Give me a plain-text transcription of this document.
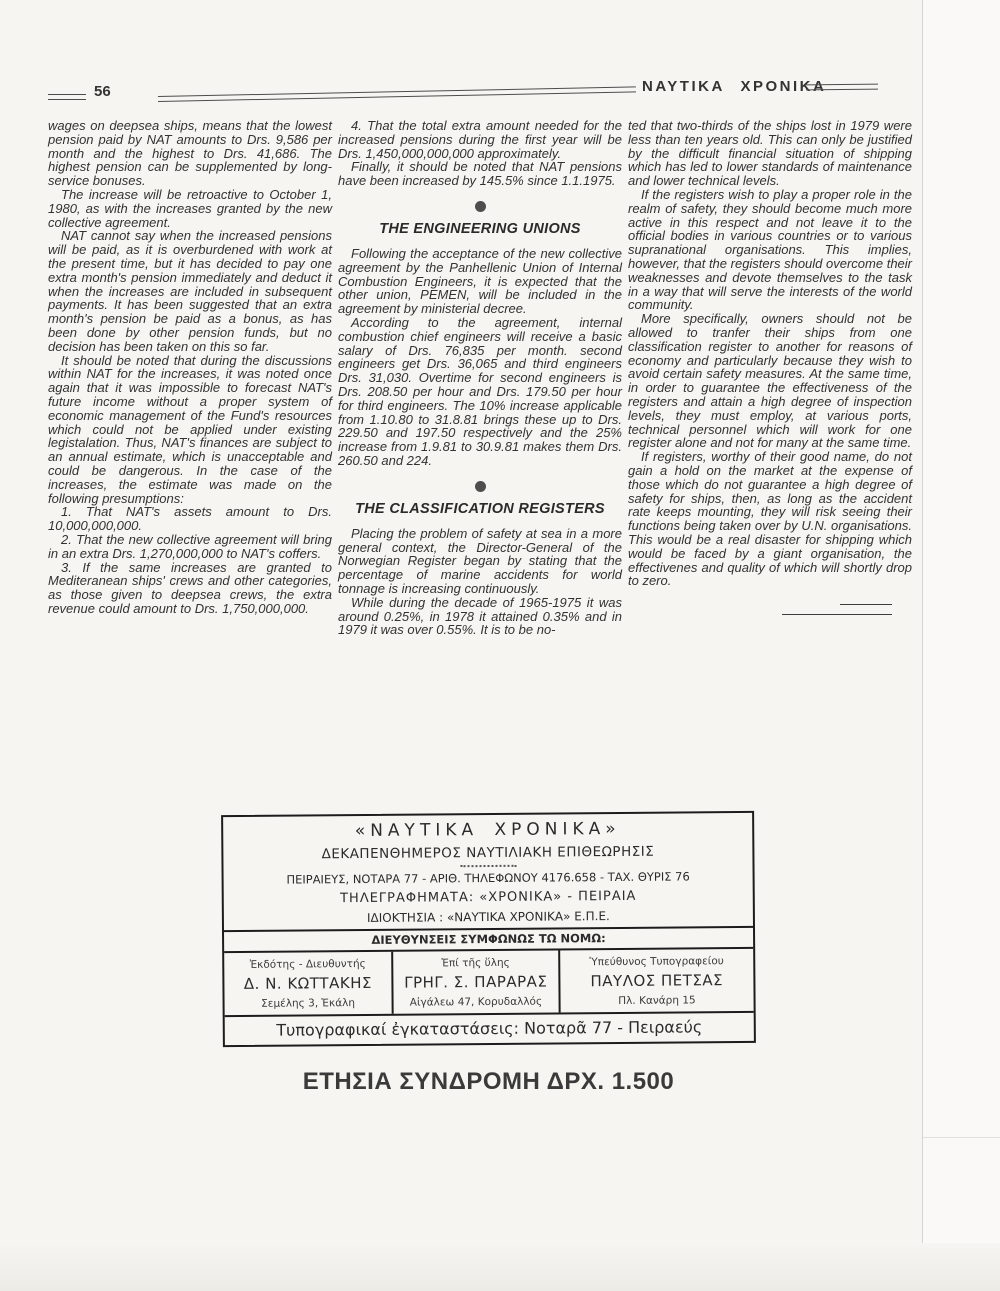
56	ΝΑΥΤΙΚΑ ΧΡΟΝΙΚΑ

wages on deepsea ships, means that the lowest pension paid by NAT amounts to Drs. 9,586 per month and the highest to Drs. 41,686. The highest pension can be supplemented by long-service bonuses.

The increase will be retroactive to October 1, 1980, as with the increases granted by the new collective agreement.

NAT cannot say when the increased pensions will be paid, as it is overburdened with work at the present time, but it has decided to pay one extra month's pension immediately and deduct it when the increases are included in subsequent payments. It has been suggested that an extra month's pension be paid as a bonus, as has been done by other pension funds, but no decision has been taken on this so far.

It should be noted that during the discussions within NAT for the increases, it was noted once again that it was impossible to forecast NAT's future income without a proper system of economic management of the Fund's resources which could not be applied under existing legistalation. Thus, NAT's finances are subject to an annual estimate, which is unacceptable and could be dangerous. In the case of the increases, the estimate was made on the following presumptions:

1. That NAT's assets amount to Drs. 10,000,000,000.

2. That the new collective agreement will bring in an extra Drs. 1,270,000,000 to NAT's coffers.

3. If the same increases are granted to Mediteranean ships' crews and other categories, as those given to deepsea crews, the extra revenue could amount to Drs. 1,750,000,000.

4. That the total extra amount needed for the increased pensions during the first year will be Drs. 1,450,000,000,000 approximately.

Finally, it should be noted that NAT pensions have been increased by 145.5% since 1.1.1975.

THE ENGINEERING UNIONS

Following the acceptance of the new collective agreement by the Panhellenic Union of Internal Combustion Engineers, it is expected that the other union, PEMEN, will be included in the agreement by ministerial decree.

According to the agreement, internal combustion chief engineers will receive a basic salary of Drs. 76,835 per month. second engineers get Drs. 36,065 and third engineers Drs. 31,030. Overtime for second engineers is Drs. 208.50 per hour and Drs. 179.50 per hour for third engineers. The 10% increase applicable from 1.10.80 to 31.8.81 brings these up to Drs. 229.50 and 197.50 respectively and the 25% increase from 1.9.81 to 30.9.81 makes them Drs. 260.50 and 224.

THE CLASSIFICATION REGISTERS

Placing the problem of safety at sea in a more general context, the Director-General of the Norwegian Register began by stating that the percentage of marine accidents for world tonnage is increasing continuously.

While during the decade of 1965-1975 it was around 0.25%, in 1978 it attained 0.35% and in 1979 it was over 0.55%. It is to be no-

ted that two-thirds of the ships lost in 1979 were less than ten years old. This can only be justified by the difficult financial situation of shipping which has led to lower standards of maintenance and lower technical levels.

If the registers wish to play a proper role in the realm of safety, they should become much more active in this respect and not leave it to the official bodies in various countries or to various supranational organisations. This implies, however, that the registers should overcome their weaknesses and devote themselves to the task in a way that will serve the interests of the world community.

More specifically, owners should not be allowed to tranfer their ships from one classification register to another for reasons of economy and particularly because they wish to avoid certain safety measures. At the same time, in order to guarantee the effectiveness of the registers and attain a high degree of inspection levels, they must employ, at various ports, technical personnel which will work for one register alone and not for many at the same time.

If registers, worthy of their good name, do not gain a hold on the market at the expense of those which do not guarantee a high degree of safety for ships, then, as long as the accident rate keeps mounting, they will risk seeing their functions being taken over by U.N. organisations. This would be a real disaster for shipping which would be faced by a giant organisation, the effectivenes and quality of which will shortly drop to zero.

«ΝΑΥΤΙΚΑ ΧΡΟΝΙΚΑ»
ΔΕΚΑΠΕΝΘΗΜΕΡΟΣ ΝΑΥΤΙΛΙΑΚΗ ΕΠΙΘΕΩΡΗΣΙΣ
ΠΕΙΡΑΙΕΥΣ, ΝΟΤΑΡΑ 77 - ΑΡΙΘ. ΤΗΛΕΦΩΝΟΥ 4176.658 - ΤΑΧ. ΘΥΡΙΣ 76
ΤΗΛΕΓΡΑΦΗΜΑΤΑ: «ΧΡΟΝΙΚΑ» - ΠΕΙΡΑΙΑ
ΙΔΙΟΚΤΗΣΙΑ : «ΝΑΥΤΙΚΑ ΧΡΟΝΙΚΑ» Ε.Π.Ε.
ΔΙΕΥΘΥΝΣΕΙΣ ΣΥΜΦΩΝΩΣ ΤΩ ΝΟΜΩ:
Ἐκδότης - Διευθυντής
Δ. Ν. ΚΩΤΤΑΚΗΣ
Σεμέλης 3, Ἑκάλη
Ἐπί τῆς ὕλης
ΓΡΗΓ. Σ. ΠΑΡΑΡΑΣ
Αἰγάλεω 47, Κορυδαλλός
Ὑπεύθυνος Τυπογραφείου
ΠΑΥΛΟΣ ΠΕΤΣΑΣ
Πλ. Κανάρη 15
Τυπογραφικαί ἐγκαταστάσεις: Νοταρᾶ 77 - Πειραεύς
ΕΤΗΣΙΑ ΣΥΝΔΡΟΜΗ ΔΡΧ. 1.500
